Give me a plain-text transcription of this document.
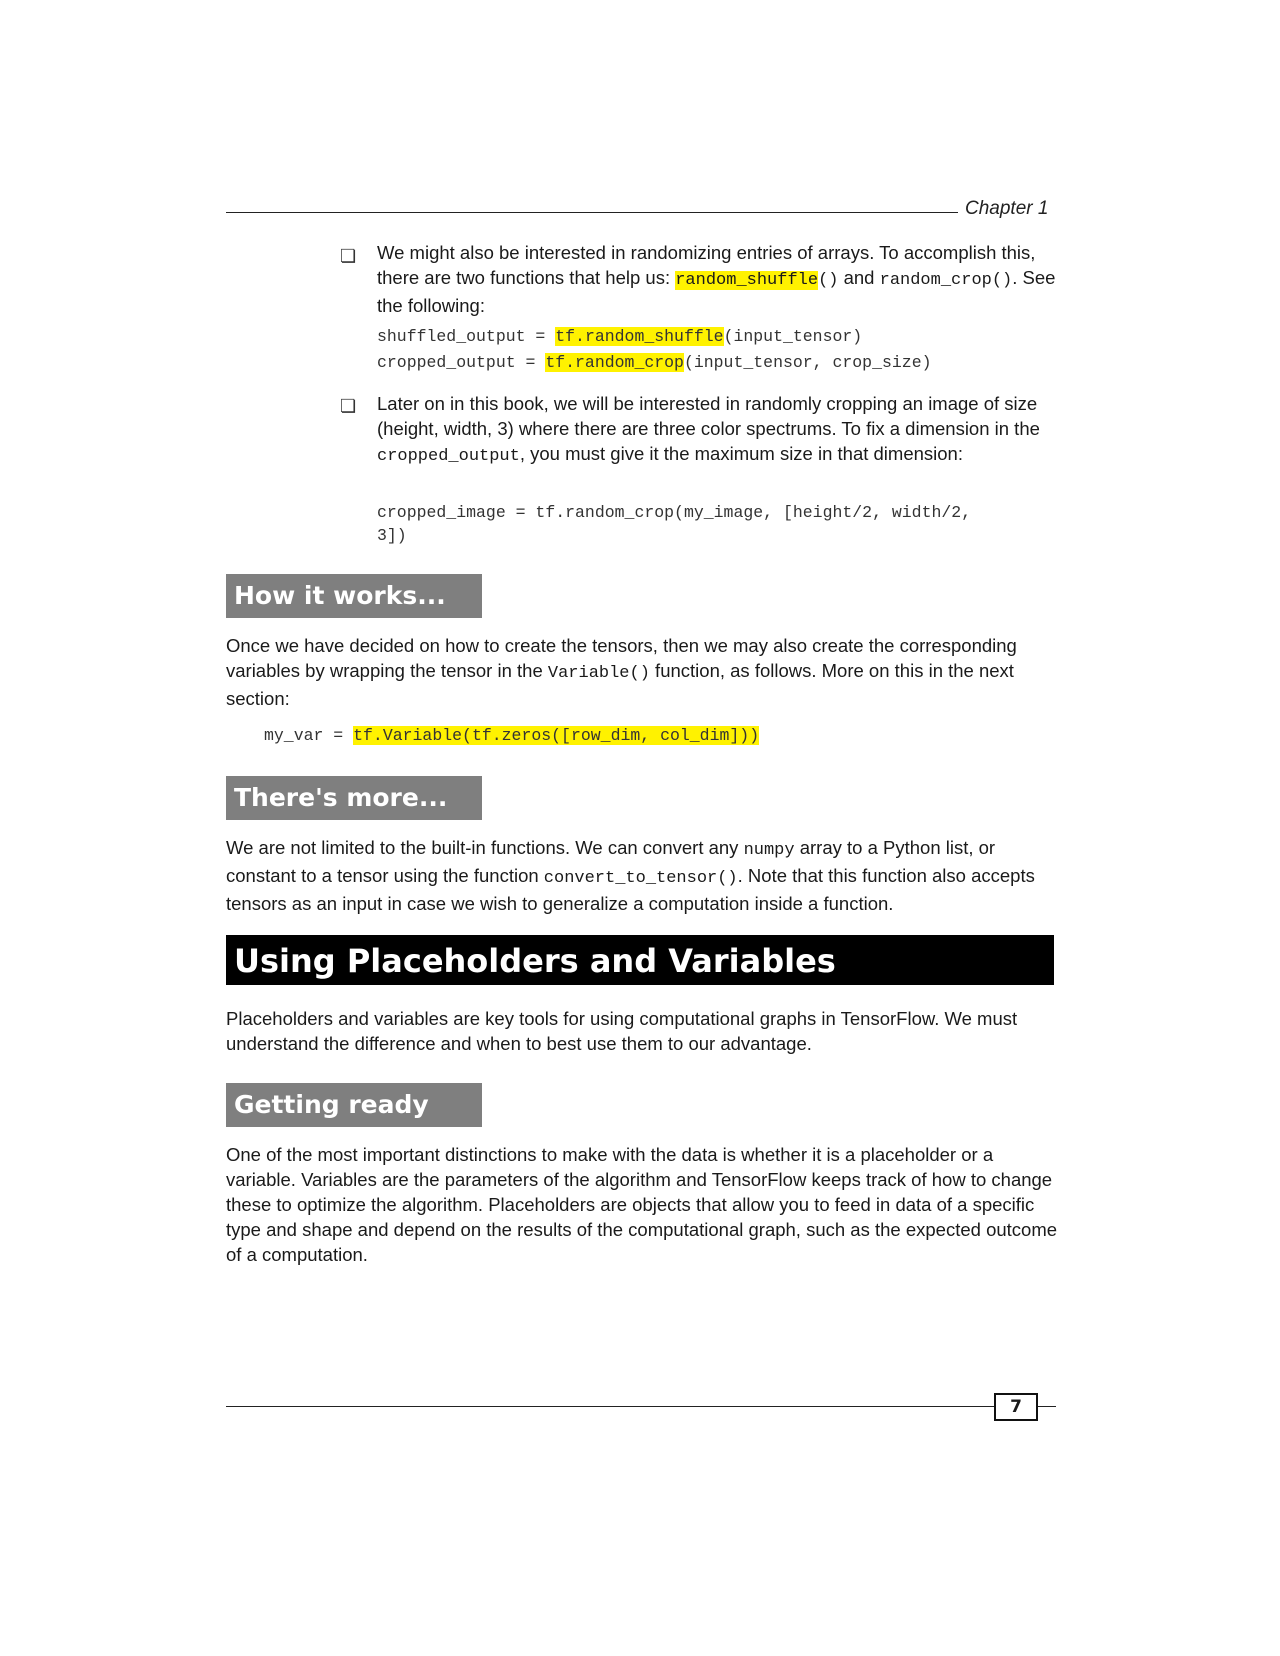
Chapter 1
❏ We might also be interested in randomizing entries of arrays. To accomplish this, there are two functions that help us: random_shuffle() and random_crop(). See the following:
shuffled_output = tf.random_shuffle(input_tensor)
cropped_output = tf.random_crop(input_tensor, crop_size)
❏ Later on in this book, we will be interested in randomly cropping an image of size (height, width, 3) where there are three color spectrums. To fix a dimension in the cropped_output, you must give it the maximum size in that dimension:
cropped_image = tf.random_crop(my_image, [height/2, width/2,
3])
How it works...
Once we have decided on how to create the tensors, then we may also create the corresponding variables by wrapping the tensor in the Variable() function, as follows. More on this in the next section:
my_var = tf.Variable(tf.zeros([row_dim, col_dim]))
There's more...
We are not limited to the built-in functions. We can convert any numpy array to a Python list, or constant to a tensor using the function convert_to_tensor(). Note that this function also accepts tensors as an input in case we wish to generalize a computation inside a function.
Using Placeholders and Variables
Placeholders and variables are key tools for using computational graphs in TensorFlow. We must understand the difference and when to best use them to our advantage.
Getting ready
One of the most important distinctions to make with the data is whether it is a placeholder or a variable. Variables are the parameters of the algorithm and TensorFlow keeps track of how to change these to optimize the algorithm. Placeholders are objects that allow you to feed in data of a specific type and shape and depend on the results of the computational graph, such as the expected outcome of a computation.
7
